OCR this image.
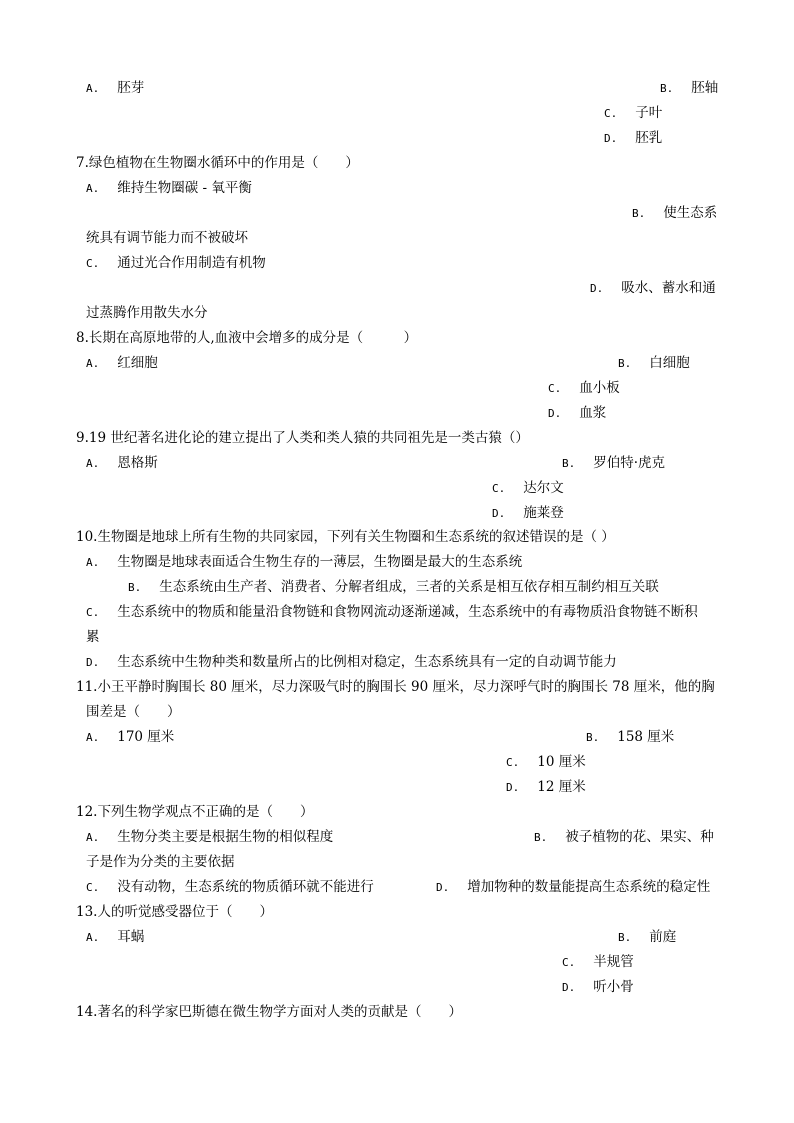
A. 胚芽	B. 胚轴
C. 子叶
D. 胚乳
7.绿色植物在生物圈水循环中的作用是（　　）
A. 维持生物圈碳 - 氧平衡
B. 使生态系
统具有调节能力而不被破坏
C. 通过光合作用制造有机物
D. 吸水、蓄水和通
过蒸腾作用散失水分
8.长期在高原地带的人,血液中会增多的成分是（　　　）
A. 红细胞	B. 白细胞
C. 血小板
D. 血浆
9.19 世纪著名进化论的建立提出了人类和类人猿的共同祖先是一类古猿（）
A. 恩格斯	B. 罗伯特·虎克
C. 达尔文
D. 施莱登
10.生物圈是地球上所有生物的共同家园，下列有关生物圈和生态系统的叙述错误的是（ ）
A. 生物圈是地球表面适合生物生存的一薄层，生物圈是最大的生态系统
B. 生态系统由生产者、消费者、分解者组成，三者的关系是相互依存相互制约相互关联
C. 生态系统中的物质和能量沿食物链和食物网流动逐渐递减，生态系统中的有毒物质沿食物链不断积
累
D. 生态系统中生物种类和数量所占的比例相对稳定，生态系统具有一定的自动调节能力
11.小王平静时胸围长 80 厘米，尽力深吸气时的胸围长 90 厘米，尽力深呼气时的胸围长 78 厘米，他的胸
围差是（　　）
A. 170 厘米	B. 158 厘米
C. 10 厘米
D. 12 厘米
12.下列生物学观点不正确的是（　　）
A. 生物分类主要是根据生物的相似程度	B. 被子植物的花、果实、种
子是作为分类的主要依据
C. 没有动物，生态系统的物质循环就不能进行	D. 增加物种的数量能提高生态系统的稳定性
13.人的听觉感受器位于（　　）
A. 耳蜗	B. 前庭
C. 半规管
D. 听小骨
14.著名的科学家巴斯德在微生物学方面对人类的贡献是（　　）
